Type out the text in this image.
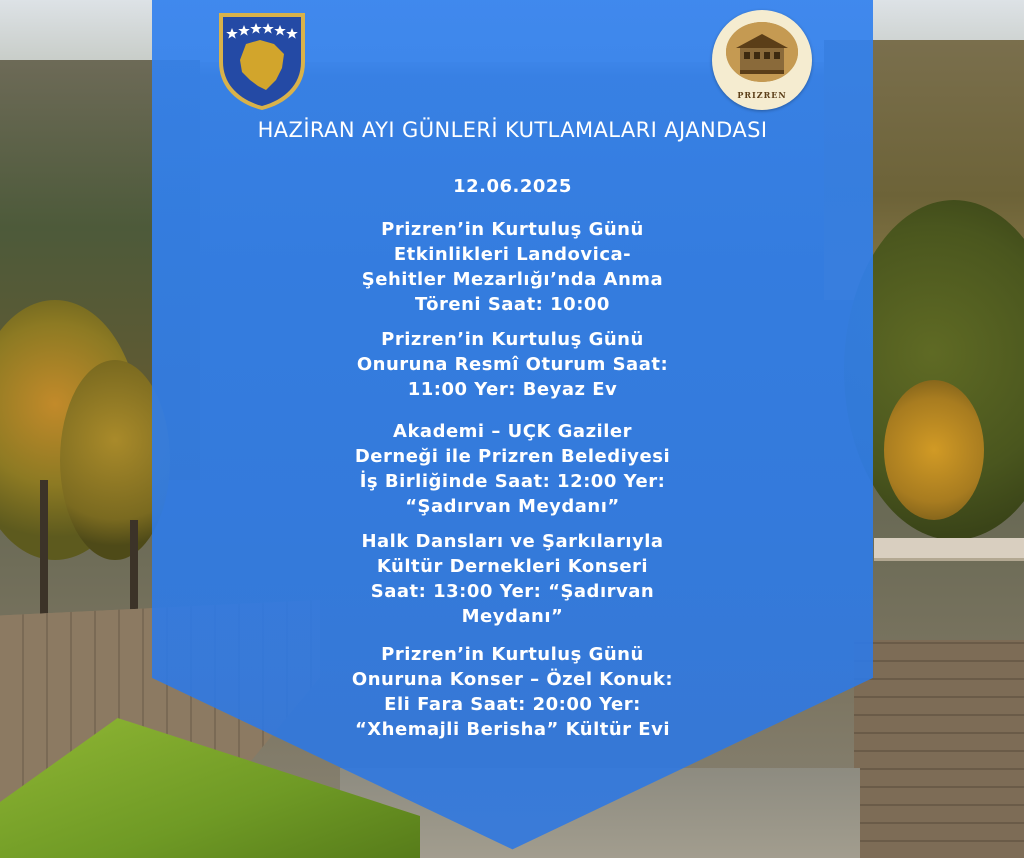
PRIZREN
HAZİRAN AYI GÜNLERİ KUTLAMALARI AJANDASI
12.06.2025
Prizren’in Kurtuluş Günü
Etkinlikleri Landovica-
Şehitler Mezarlığı’nda Anma
Töreni Saat: 10:00
Prizren’in Kurtuluş Günü
Onuruna Resmî Oturum Saat:
11:00 Yer: Beyaz Ev
Akademi – UÇK Gaziler
Derneği ile Prizren Belediyesi
İş Birliğinde Saat: 12:00 Yer:
“Şadırvan Meydanı”
Halk Dansları ve Şarkılarıyla
Kültür Dernekleri Konseri
Saat: 13:00 Yer: “Şadırvan
Meydanı”
Prizren’in Kurtuluş Günü
Onuruna Konser – Özel Konuk:
Eli Fara Saat: 20:00 Yer:
“Xhemajli Berisha” Kültür Evi
